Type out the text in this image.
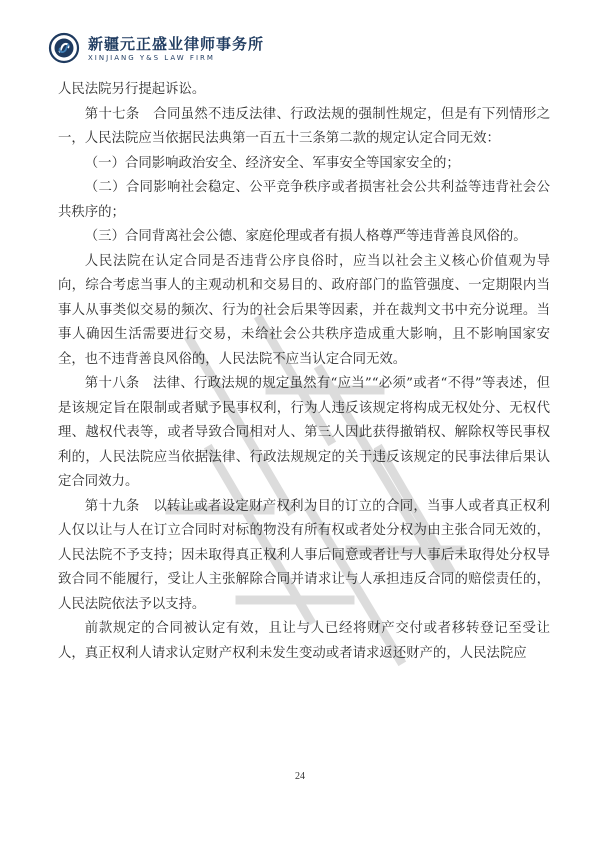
新疆元正盛业律师事务所
XINJIANG Y&S LAW FIRM

人民法院另行提起诉讼。

第十七条　合同虽然不违反法律、行政法规的强制性规定，但是有下列情形之一，人民法院应当依据民法典第一百五十三条第二款的规定认定合同无效：

（一）合同影响政治安全、经济安全、军事安全等国家安全的；

（二）合同影响社会稳定、公平竞争秩序或者损害社会公共利益等违背社会公共秩序的；

（三）合同背离社会公德、家庭伦理或者有损人格尊严等违背善良风俗的。

人民法院在认定合同是否违背公序良俗时，应当以社会主义核心价值观为导向，综合考虑当事人的主观动机和交易目的、政府部门的监管强度、一定期限内当事人从事类似交易的频次、行为的社会后果等因素，并在裁判文书中充分说理。当事人确因生活需要进行交易，未给社会公共秩序造成重大影响，且不影响国家安全，也不违背善良风俗的，人民法院不应当认定合同无效。

第十八条　法律、行政法规的规定虽然有“应当”“必须”或者“不得”等表述，但是该规定旨在限制或者赋予民事权利，行为人违反该规定将构成无权处分、无权代理、越权代表等，或者导致合同相对人、第三人因此获得撤销权、解除权等民事权利的，人民法院应当依据法律、行政法规规定的关于违反该规定的民事法律后果认定合同效力。

第十九条　以转让或者设定财产权利为目的订立的合同，当事人或者真正权利人仅以让与人在订立合同时对标的物没有所有权或者处分权为由主张合同无效的，人民法院不予支持；因未取得真正权利人事后同意或者让与人事后未取得处分权导致合同不能履行，受让人主张解除合同并请求让与人承担违反合同的赔偿责任的，人民法院依法予以支持。

前款规定的合同被认定有效，且让与人已经将财产交付或者移转登记至受让人，真正权利人请求认定财产权利未发生变动或者请求返还财产的，人民法院应

24
